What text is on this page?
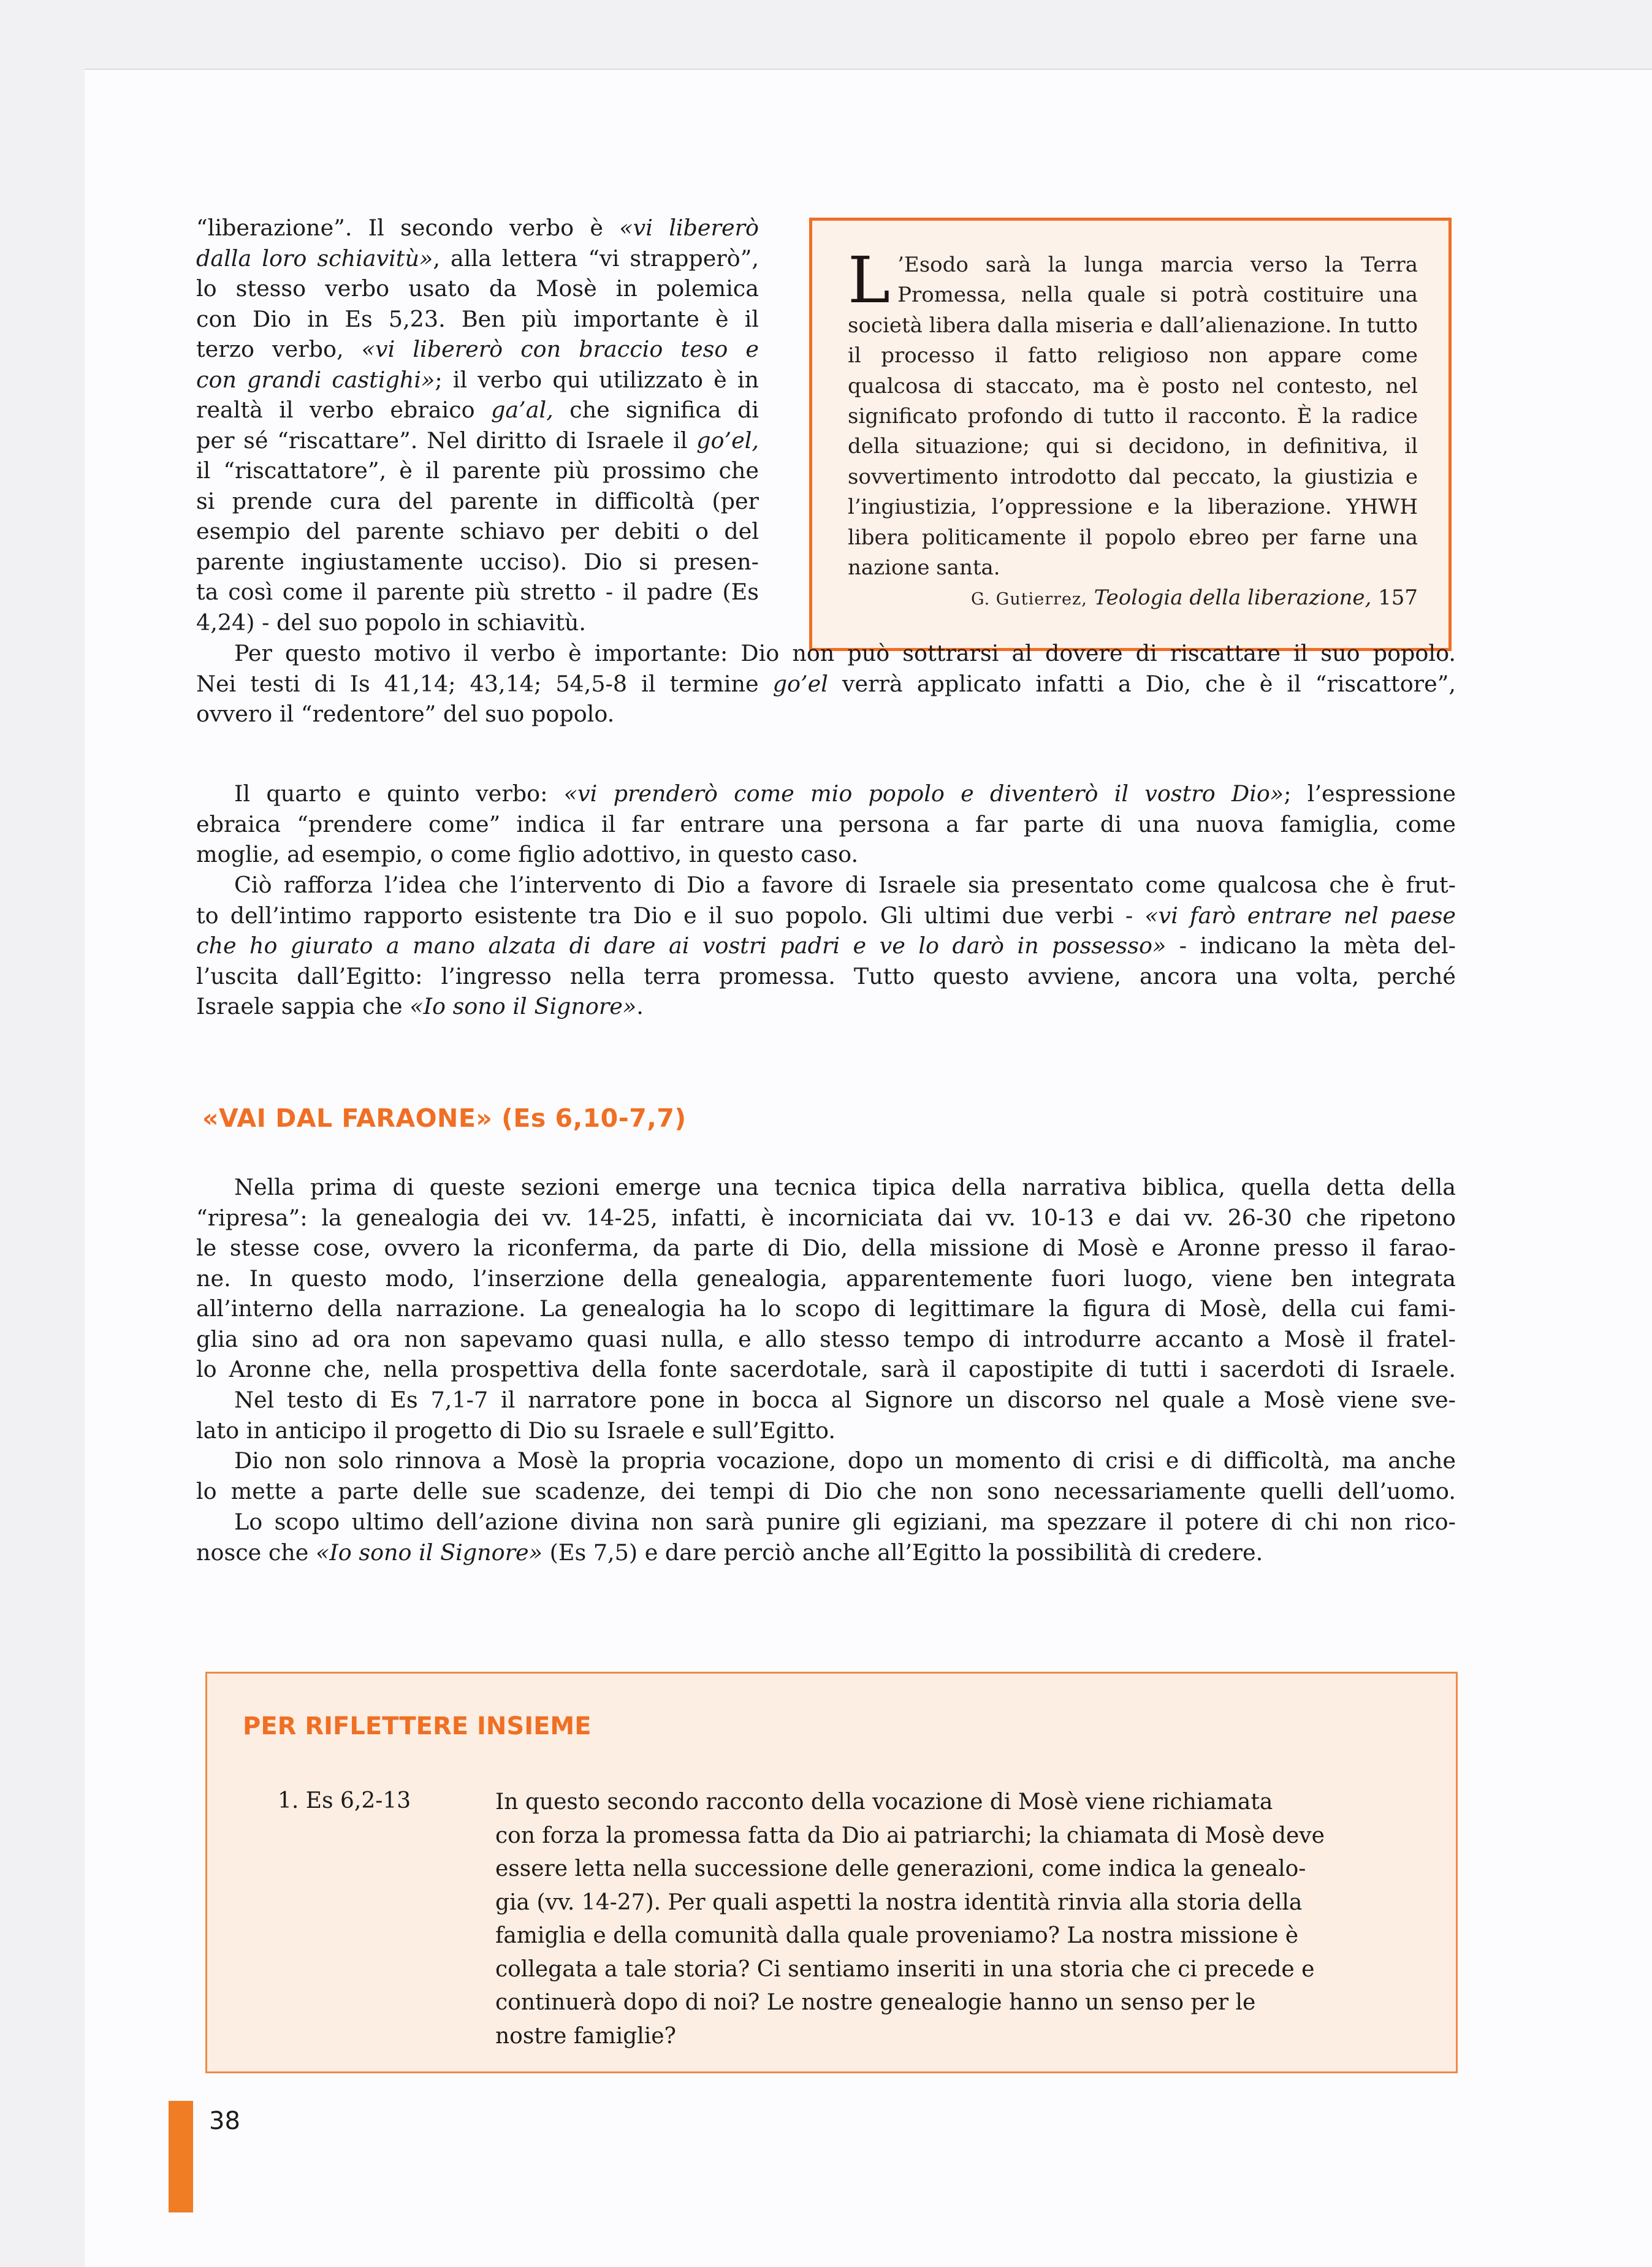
“liberazione”. Il secondo verbo è «vi libererò
dalla loro schiavitù», alla lettera “vi strapperò”,
lo stesso verbo usato da Mosè in polemica
con Dio in Es 5,23. Ben più importante è il
terzo verbo, «vi libererò con braccio teso e
con grandi castighi»; il verbo qui utilizzato è in
realtà il verbo ebraico ga’al, che significa di
per sé “riscattare”. Nel diritto di Israele il go’el,
il “riscattatore”, è il parente più prossimo che
si prende cura del parente in difficoltà (per
esempio del parente schiavo per debiti o del
parente ingiustamente ucciso). Dio si presen-
ta così come il parente più stretto - il padre (Es
4,24) - del suo popolo in schiavitù.
L ’Esodo sarà la lunga marcia verso la Terra Promessa, nella quale si potrà costituire una società libera dalla miseria e dall’alienazione. In tutto il processo il fatto religioso non appare come qualcosa di staccato, ma è posto nel contesto, nel significato profondo di tutto il racconto. È la radice della situazione; qui si decidono, in definitiva, il sovvertimento introdotto dal peccato, la giustizia e l’ingiustizia, l’oppressione e la liberazione. YHWH libera politicamente il popolo ebreo per farne una nazione santa.

G. Gutierrez, Teologia della liberazione, 157

Per questo motivo il verbo è importante: Dio non può sottrarsi al dovere di riscattare il suo popolo.
Nei testi di Is 41,14; 43,14; 54,5-8 il termine go’el verrà applicato infatti a Dio, che è il “riscattore”,
ovvero il “redentore” del suo popolo.
Il quarto e quinto verbo: «vi prenderò come mio popolo e diventerò il vostro Dio»; l’espressione
ebraica “prendere come” indica il far entrare una persona a far parte di una nuova famiglia, come
moglie, ad esempio, o come figlio adottivo, in questo caso.
Ciò rafforza l’idea che l’intervento di Dio a favore di Israele sia presentato come qualcosa che è frut-
to dell’intimo rapporto esistente tra Dio e il suo popolo. Gli ultimi due verbi - «vi farò entrare nel paese
che ho giurato a mano alzata di dare ai vostri padri e ve lo darò in possesso» - indicano la mèta del-
l’uscita dall’Egitto: l’ingresso nella terra promessa. Tutto questo avviene, ancora una volta, perché
Israele sappia che «Io sono il Signore».
«VAI DAL FARAONE» (Es 6,10-7,7)
Nella prima di queste sezioni emerge una tecnica tipica della narrativa biblica, quella detta della
“ripresa”: la genealogia dei vv. 14-25, infatti, è incorniciata dai vv. 10-13 e dai vv. 26-30 che ripetono
le stesse cose, ovvero la riconferma, da parte di Dio, della missione di Mosè e Aronne presso il farao-
ne. In questo modo, l’inserzione della genealogia, apparentemente fuori luogo, viene ben integrata
all’interno della narrazione. La genealogia ha lo scopo di legittimare la figura di Mosè, della cui fami-
glia sino ad ora non sapevamo quasi nulla, e allo stesso tempo di introdurre accanto a Mosè il fratel-
lo Aronne che, nella prospettiva della fonte sacerdotale, sarà il capostipite di tutti i sacerdoti di Israele.
Nel testo di Es 7,1-7 il narratore pone in bocca al Signore un discorso nel quale a Mosè viene sve-
lato in anticipo il progetto di Dio su Israele e sull’Egitto.
Dio non solo rinnova a Mosè la propria vocazione, dopo un momento di crisi e di difficoltà, ma anche
lo mette a parte delle sue scadenze, dei tempi di Dio che non sono necessariamente quelli dell’uomo.
Lo scopo ultimo dell’azione divina non sarà punire gli egiziani, ma spezzare il potere di chi non rico-
nosce che «Io sono il Signore» (Es 7,5) e dare perciò anche all’Egitto la possibilità di credere.
PER RIFLETTERE INSIEME
1. Es 6,2-13	In questo secondo racconto della vocazione di Mosè viene richiamata
con forza la promessa fatta da Dio ai patriarchi; la chiamata di Mosè deve
essere letta nella successione delle generazioni, come indica la genealo-
gia (vv. 14-27). Per quali aspetti la nostra identità rinvia alla storia della
famiglia e della comunità dalla quale proveniamo? La nostra missione è
collegata a tale storia? Ci sentiamo inseriti in una storia che ci precede e
continuerà dopo di noi? Le nostre genealogie hanno un senso per le
nostre famiglie?
38
